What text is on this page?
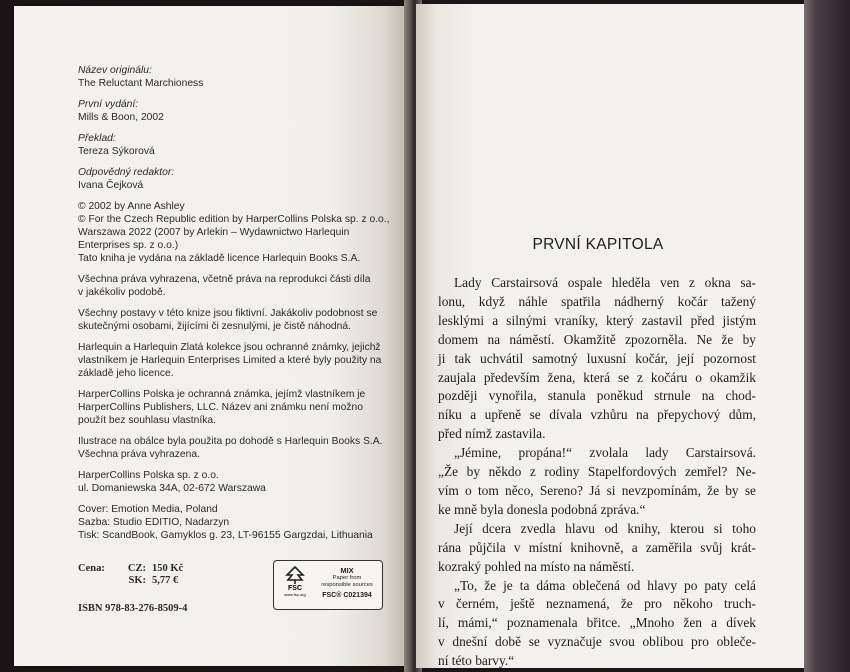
Název originálu:
The Reluctant Marchioness
První vydání:
Mills & Boon, 2002
Překlad:
Tereza Sýkorová
Odpovědný redaktor:
Ivana Čejková
© 2002 by Anne Ashley
© For the Czech Republic edition by HarperCollins Polska sp. z o.o.,
Warszawa 2022 (2007 by Arlekin – Wydawnictwo Harlequin
Enterprises sp. z o.o.)
Tato kniha je vydána na základě licence Harlequin Books S.A.
Všechna práva vyhrazena, včetně práva na reprodukci části díla
v jakékoliv podobě.
Všechny postavy v této knize jsou fiktivní. Jakákoliv podobnost se
skutečnými osobami, žijícími či zesnulými, je čistě náhodná.
Harlequin a Harlequin Zlatá kolekce jsou ochranné známky, jejichž
vlastníkem je Harlequin Enterprises Limited a které byly použity na
základě jeho licence.
HarperCollins Polska je ochranná známka, jejímž vlastníkem je
HarperCollins Publishers, LLC. Název ani známku není možno
použít bez souhlasu vlastníka.
Ilustrace na obálce byla použita po dohodě s Harlequin Books S.A.
Všechna práva vyhrazena.
HarperCollins Polska sp. z o.o.
ul. Domaniewska 34A, 02-672 Warszawa
Cover: Emotion Media, Poland
Sazba: Studio EDITIO, Nadarzyn
Tisk: ScandBook, Gamyklos g. 23, LT-96155 Gargzdai, Lithuania
Cena:	CZ: 150 Kč
SK: 5,77 €
ISBN 978-83-276-8509-4
FSC
www.fsc.org
MIX
Paper from
responsible sources
FSC® C021394
PRVNÍ KAPITOLA
Lady Carstairsová ospale hleděla ven z okna sa-
lonu, když náhle spatřila nádherný kočár tažený
lesklými a silnými vraníky, který zastavil před jistým
domem na náměstí. Okamžitě zpozorněla. Ne že by
ji tak uchvátil samotný luxusní kočár, její pozornost
zaujala především žena, která se z kočáru o okamžik
později vynořila, stanula poněkud strnule na chod-
níku a upřeně se dívala vzhůru na přepychový dům,
před nímž zastavila.
„Jémine, propána!“ zvolala lady Carstairsová.
„Že by někdo z rodiny Stapelfordových zemřel? Ne-
vím o tom něco, Sereno? Já si nevzpomínám, že by se
ke mně byla donesla podobná zpráva.“
Její dcera zvedla hlavu od knihy, kterou si toho
rána půjčila v místní knihovně, a zaměřila svůj krát-
kozraký pohled na místo na náměstí.
„To, že je ta dáma oblečená od hlavy po paty celá
v černém, ještě neznamená, že pro někoho truch-
lí, mámi,“ poznamenala břitce. „Mnoho žen a dívek
v dnešní době se vyznačuje svou oblibou pro obleče-
ní této barvy.“
